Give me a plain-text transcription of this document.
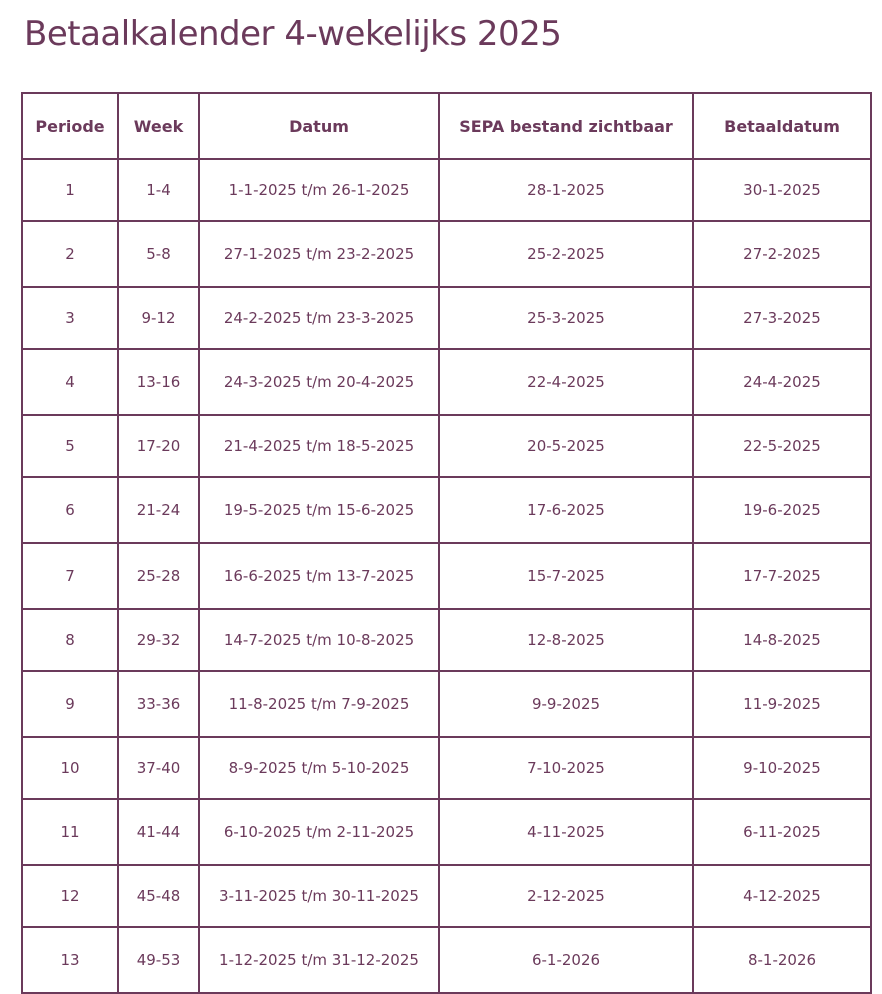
Betaalkalender 4-wekelijks 2025
Periode	Week	Datum	SEPA bestand zichtbaar	Betaaldatum
1	1-4	1-1-2025 t/m 26-1-2025	28-1-2025	30-1-2025
2	5-8	27-1-2025 t/m 23-2-2025	25-2-2025	27-2-2025
3	9-12	24-2-2025 t/m 23-3-2025	25-3-2025	27-3-2025
4	13-16	24-3-2025 t/m 20-4-2025	22-4-2025	24-4-2025
5	17-20	21-4-2025 t/m 18-5-2025	20-5-2025	22-5-2025
6	21-24	19-5-2025 t/m 15-6-2025	17-6-2025	19-6-2025
7	25-28	16-6-2025 t/m 13-7-2025	15-7-2025	17-7-2025
8	29-32	14-7-2025 t/m 10-8-2025	12-8-2025	14-8-2025
9	33-36	11-8-2025 t/m 7-9-2025	9-9-2025	11-9-2025
10	37-40	8-9-2025 t/m 5-10-2025	7-10-2025	9-10-2025
11	41-44	6-10-2025 t/m 2-11-2025	4-11-2025	6-11-2025
12	45-48	3-11-2025 t/m 30-11-2025	2-12-2025	4-12-2025
13	49-53	1-12-2025 t/m 31-12-2025	6-1-2026	8-1-2026
